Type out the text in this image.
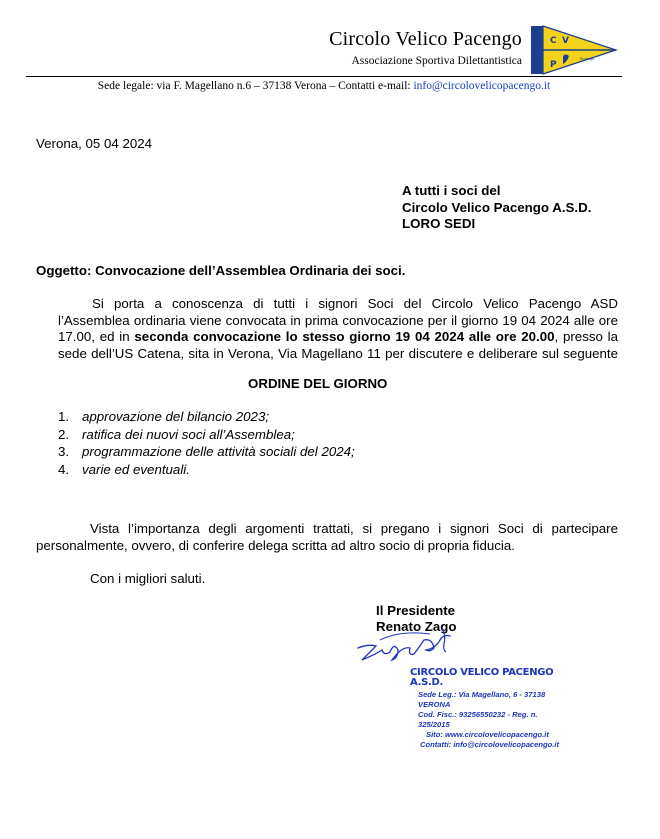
Circolo Velico Pacengo
Associazione Sportiva Dilettantistica
C V
P
Pacengo
Sede legale: via F. Magellano n.6 – 37138 Verona – Contatti e-mail: info@circolovelicopacengo.it
Verona, 05 04 2024
A tutti i soci del
Circolo Velico Pacengo A.S.D.
LORO SEDI
Oggetto: Convocazione dell’Assemblea Ordinaria dei soci.
Si porta a conoscenza di tutti i signori Soci del Circolo Velico Pacengo ASD
l’Assemblea ordinaria viene convocata in prima convocazione per il giorno 19 04 2024 alle ore
17.00, ed in seconda convocazione lo stesso giorno 19 04 2024 alle ore 20.00, presso la
sede dell’US Catena, sita in Verona, Via Magellano 11 per discutere e deliberare sul seguente
ORDINE DEL GIORNO
1. approvazione del bilancio 2023;
2. ratifica dei nuovi soci all’Assemblea;
3. programmazione delle attività sociali del 2024;
4. varie ed eventuali.
Vista l’importanza degli argomenti trattati, si pregano i signori Soci di partecipare
personalmente, ovvero, di conferire delega scritta ad altro socio di propria fiducia.
Con i migliori saluti.
Il Presidente
Renato Zago
CIRCOLO VELICO PACENGO A.S.D.
Sede Leg.: Via Magellano, 6 - 37138 VERONA
Cod. Fisc.: 93256550232 - Reg. n. 325/2015
Sito: www.circolovelicopacengo.it
Contatti: info@circolovelicopacengo.it
